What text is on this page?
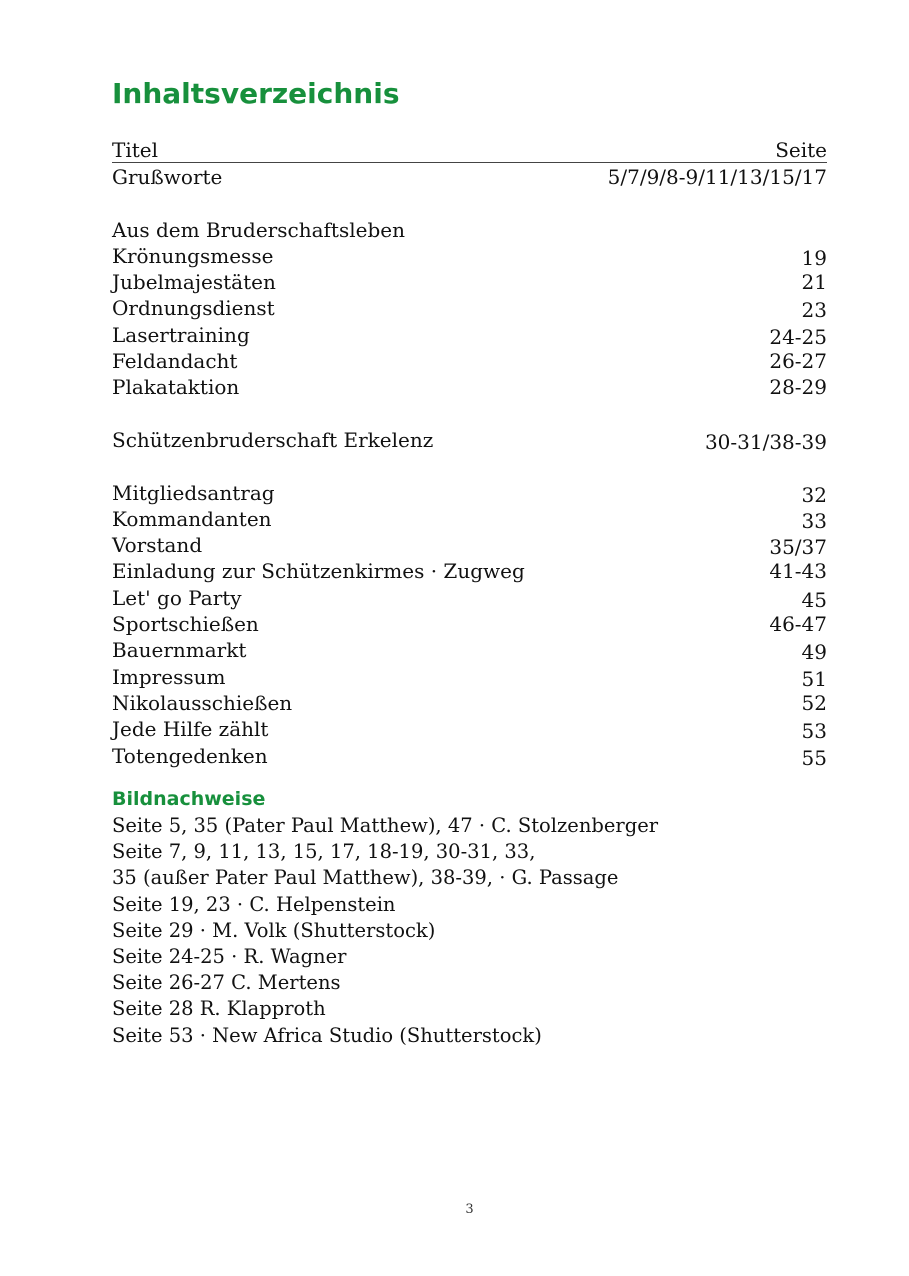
Inhaltsverzeichnis
Titel	Seite
Grußworte	5/7/9/8-9/11/13/15/17
Aus dem Bruderschaftsleben
Krönungsmesse	19
Jubelmajestäten	21
Ordnungsdienst	23
Lasertraining	24-25
Feldandacht	26-27
Plakataktion	28-29
Schützenbruderschaft Erkelenz	30-31/38-39
Mitgliedsantrag	32
Kommandanten	33
Vorstand	35/37
Einladung zur Schützenkirmes · Zugweg	41-43
Let' go Party	45
Sportschießen	46-47
Bauernmarkt	49
Impressum	51
Nikolausschießen	52
Jede Hilfe zählt	53
Totengedenken	55
Bildnachweise
Seite 5, 35 (Pater Paul Matthew), 47 · C. Stolzenberger
Seite 7, 9, 11, 13, 15, 17, 18-19, 30-31, 33,
35 (außer Pater Paul Matthew), 38-39, · G. Passage
Seite 19, 23 · C. Helpenstein
Seite 29 · M. Volk (Shutterstock)
Seite 24-25 · R. Wagner
Seite 26-27 C. Mertens
Seite 28 R. Klapproth
Seite 53 · New Africa Studio (Shutterstock)
3
